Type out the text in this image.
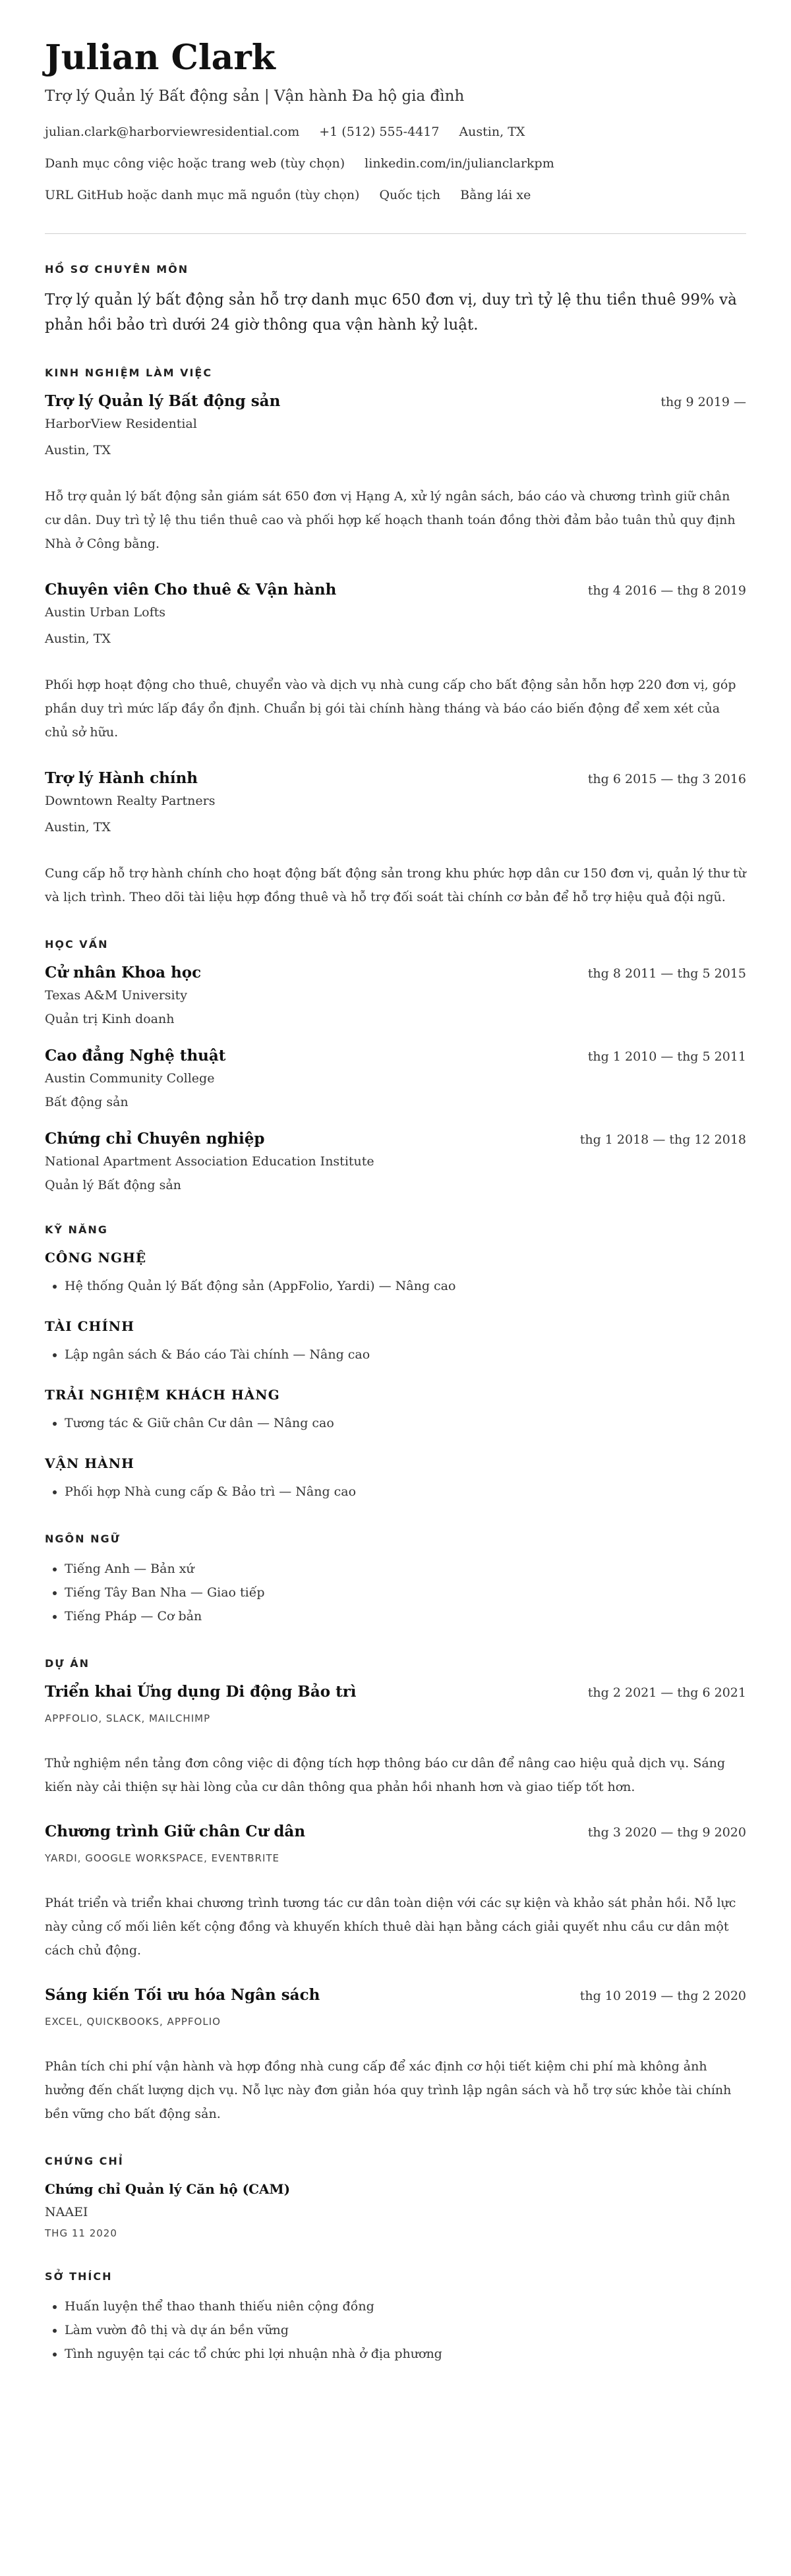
Julian Clark
Trợ lý Quản lý Bất động sản | Vận hành Đa hộ gia đình
julian.clark@harborviewresidential.com +1 (512) 555-4417 Austin, TX
Danh mục công việc hoặc trang web (tùy chọn) linkedin.com/in/julianclarkpm
URL GitHub hoặc danh mục mã nguồn (tùy chọn) Quốc tịch Bằng lái xe
HỒ SƠ CHUYÊN MÔN
Trợ lý quản lý bất động sản hỗ trợ danh mục 650 đơn vị, duy trì tỷ lệ thu tiền thuê 99% và phản hồi bảo trì dưới 24 giờ thông qua vận hành kỷ luật.
KINH NGHIỆM LÀM VIỆC
Trợ lý Quản lý Bất động sản	thg 9 2019 —
HarborView Residential
Austin, TX
Hỗ trợ quản lý bất động sản giám sát 650 đơn vị Hạng A, xử lý ngân sách, báo cáo và chương trình giữ chân cư dân. Duy trì tỷ lệ thu tiền thuê cao và phối hợp kế hoạch thanh toán đồng thời đảm bảo tuân thủ quy định Nhà ở Công bằng.
Chuyên viên Cho thuê & Vận hành	thg 4 2016 — thg 8 2019
Austin Urban Lofts
Austin, TX
Phối hợp hoạt động cho thuê, chuyển vào và dịch vụ nhà cung cấp cho bất động sản hỗn hợp 220 đơn vị, góp phần duy trì mức lấp đầy ổn định. Chuẩn bị gói tài chính hàng tháng và báo cáo biến động để xem xét của chủ sở hữu.
Trợ lý Hành chính	thg 6 2015 — thg 3 2016
Downtown Realty Partners
Austin, TX
Cung cấp hỗ trợ hành chính cho hoạt động bất động sản trong khu phức hợp dân cư 150 đơn vị, quản lý thư từ và lịch trình. Theo dõi tài liệu hợp đồng thuê và hỗ trợ đối soát tài chính cơ bản để hỗ trợ hiệu quả đội ngũ.
HỌC VẤN
Cử nhân Khoa học	thg 8 2011 — thg 5 2015
Texas A&M University
Quản trị Kinh doanh
Cao đẳng Nghệ thuật	thg 1 2010 — thg 5 2011
Austin Community College
Bất động sản
Chứng chỉ Chuyên nghiệp	thg 1 2018 — thg 12 2018
National Apartment Association Education Institute
Quản lý Bất động sản
KỸ NĂNG
CÔNG NGHỆ
• Hệ thống Quản lý Bất động sản (AppFolio, Yardi) — Nâng cao
TÀI CHÍNH
• Lập ngân sách & Báo cáo Tài chính — Nâng cao
TRẢI NGHIỆM KHÁCH HÀNG
• Tương tác & Giữ chân Cư dân — Nâng cao
VẬN HÀNH
• Phối hợp Nhà cung cấp & Bảo trì — Nâng cao
NGÔN NGỮ
• Tiếng Anh — Bản xứ
• Tiếng Tây Ban Nha — Giao tiếp
• Tiếng Pháp — Cơ bản
DỰ ÁN
Triển khai Ứng dụng Di động Bảo trì	thg 2 2021 — thg 6 2021
APPFOLIO, SLACK, MAILCHIMP
Thử nghiệm nền tảng đơn công việc di động tích hợp thông báo cư dân để nâng cao hiệu quả dịch vụ. Sáng kiến này cải thiện sự hài lòng của cư dân thông qua phản hồi nhanh hơn và giao tiếp tốt hơn.
Chương trình Giữ chân Cư dân	thg 3 2020 — thg 9 2020
YARDI, GOOGLE WORKSPACE, EVENTBRITE
Phát triển và triển khai chương trình tương tác cư dân toàn diện với các sự kiện và khảo sát phản hồi. Nỗ lực này củng cố mối liên kết cộng đồng và khuyến khích thuê dài hạn bằng cách giải quyết nhu cầu cư dân một cách chủ động.
Sáng kiến Tối ưu hóa Ngân sách	thg 10 2019 — thg 2 2020
EXCEL, QUICKBOOKS, APPFOLIO
Phân tích chi phí vận hành và hợp đồng nhà cung cấp để xác định cơ hội tiết kiệm chi phí mà không ảnh hưởng đến chất lượng dịch vụ. Nỗ lực này đơn giản hóa quy trình lập ngân sách và hỗ trợ sức khỏe tài chính bền vững cho bất động sản.
CHỨNG CHỈ
Chứng chỉ Quản lý Căn hộ (CAM)
NAAEI
THG 11 2020
SỞ THÍCH
• Huấn luyện thể thao thanh thiếu niên cộng đồng
• Làm vườn đô thị và dự án bền vững
• Tình nguyện tại các tổ chức phi lợi nhuận nhà ở địa phương
